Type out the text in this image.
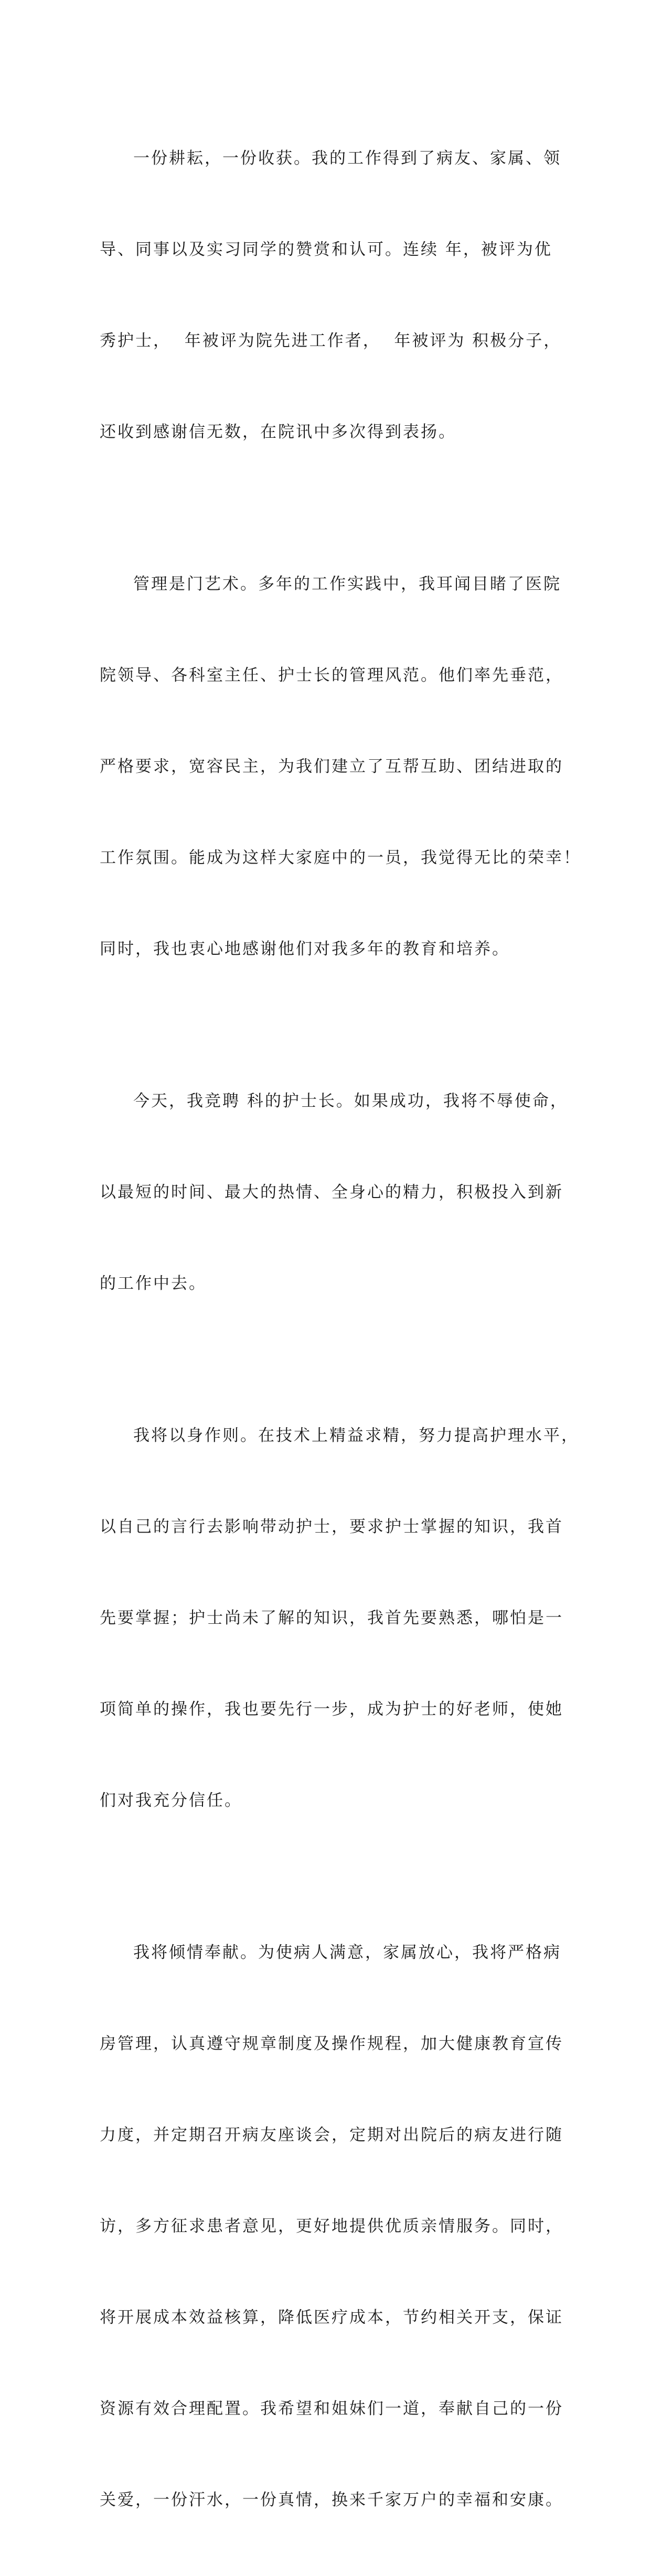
一份耕耘，一份收获。我的工作得到了病友、家属、领

导、同事以及实习同学的赞赏和认可。连续 年，被评为优

秀护士，  年被评为院先进工作者，  年被评为 积极分子，

还收到感谢信无数，在院讯中多次得到表扬。

管理是门艺术。多年的工作实践中，我耳闻目睹了医院

院领导、各科室主任、护士长的管理风范。他们率先垂范，

严格要求，宽容民主，为我们建立了互帮互助、团结进取的

工作氛围。能成为这样大家庭中的一员，我觉得无比的荣幸！

同时，我也衷心地感谢他们对我多年的教育和培养。

今天，我竞聘 科的护士长。如果成功，我将不辱使命，

以最短的时间、最大的热情、全身心的精力，积极投入到新

的工作中去。

我将以身作则。在技术上精益求精，努力提高护理水平，

以自己的言行去影响带动护士，要求护士掌握的知识，我首

先要掌握；护士尚未了解的知识，我首先要熟悉，哪怕是一

项简单的操作，我也要先行一步，成为护士的好老师，使她

们对我充分信任。

我将倾情奉献。为使病人满意，家属放心，我将严格病

房管理，认真遵守规章制度及操作规程，加大健康教育宣传

力度，并定期召开病友座谈会，定期对出院后的病友进行随

访，多方征求患者意见，更好地提供优质亲情服务。同时，

将开展成本效益核算，降低医疗成本，节约相关开支，保证

资源有效合理配置。我希望和姐妹们一道，奉献自己的一份

关爱，一份汗水，一份真情，换来千家万户的幸福和安康。
